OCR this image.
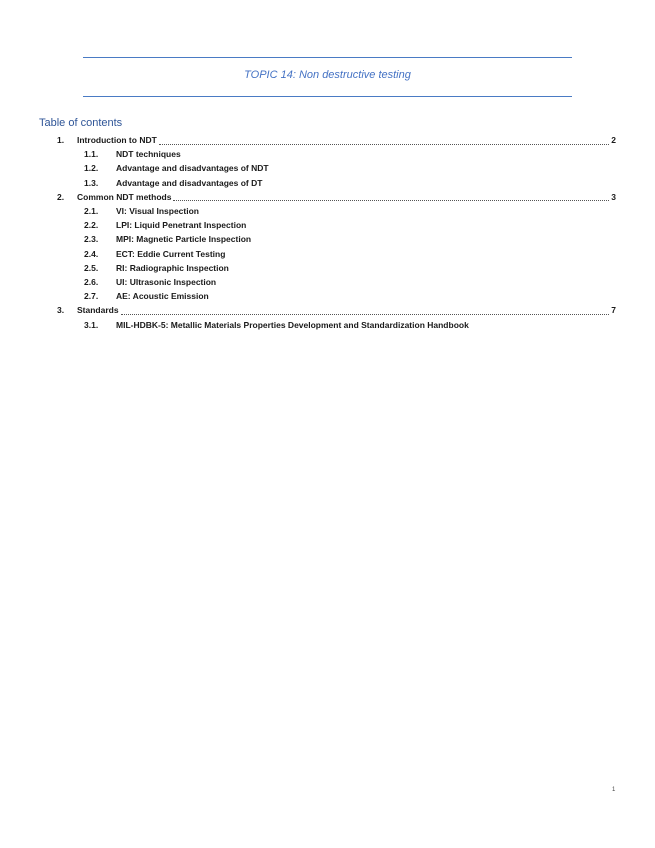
TOPIC 14: Non destructive testing
Table of contents
1.	Introduction to NDT	2
1.1.	NDT techniques
1.2.	Advantage and disadvantages of NDT
1.3.	Advantage and disadvantages of DT
2.	Common NDT methods	3
2.1.	VI: Visual Inspection
2.2.	LPI: Liquid Penetrant Inspection
2.3.	MPI: Magnetic Particle Inspection
2.4.	ECT: Eddie Current Testing
2.5.	RI: Radiographic Inspection
2.6.	UI: Ultrasonic Inspection
2.7.	AE: Acoustic Emission
3.	Standards	7
3.1.	MIL-HDBK-5: Metallic Materials Properties Development and Standardization Handbook
1
